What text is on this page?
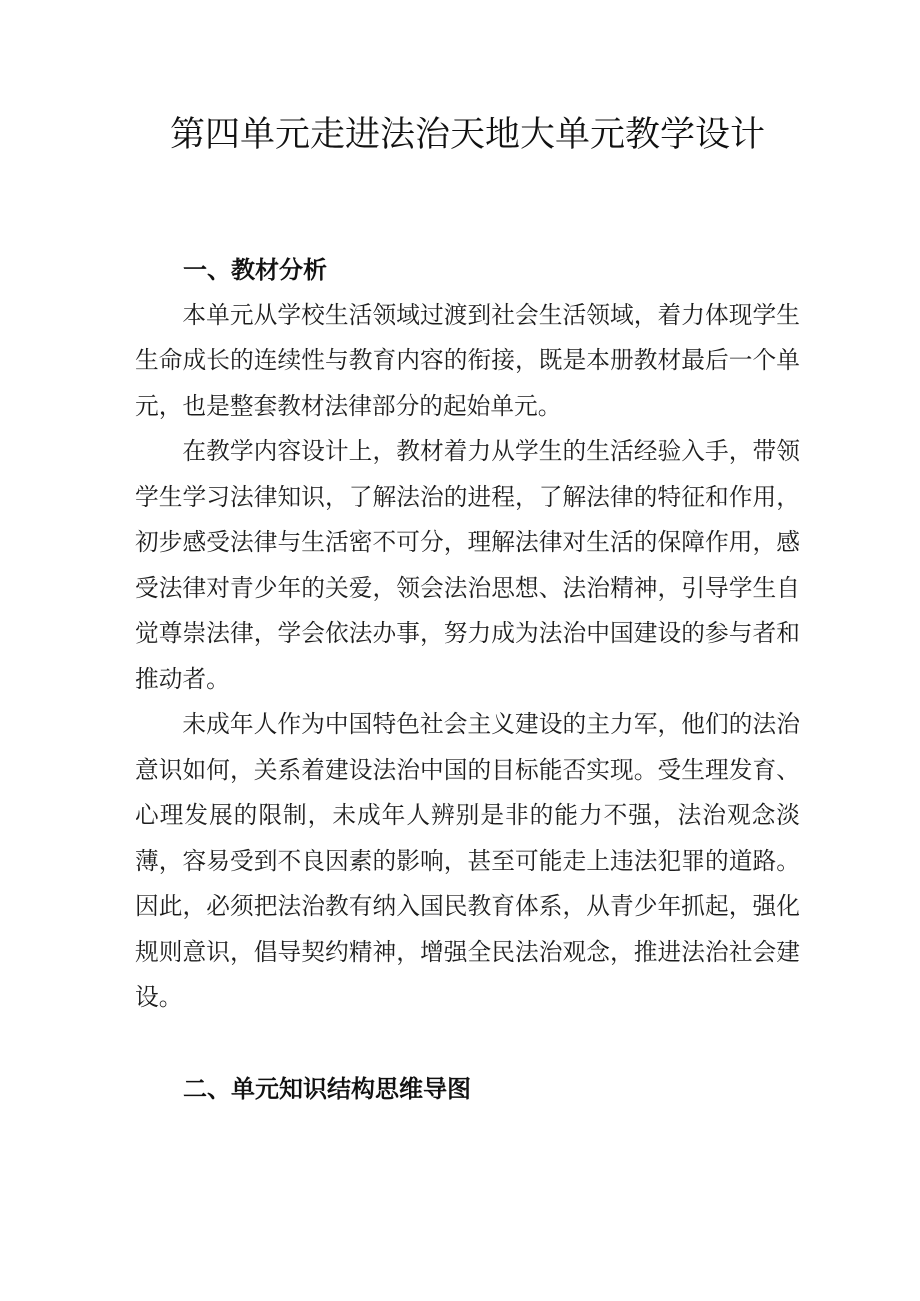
第四单元走进法治天地大单元教学设计
一、教材分析

本单元从学校生活领域过渡到社会生活领域，着力体现学生生命成长的连续性与教育内容的衔接，既是本册教材最后一个单元，也是整套教材法律部分的起始单元。

在教学内容设计上，教材着力从学生的生活经验入手，带领学生学习法律知识，了解法治的进程，了解法律的特征和作用，初步感受法律与生活密不可分，理解法律对生活的保障作用，感受法律对青少年的关爱，领会法治思想、法治精神，引导学生自觉尊崇法律，学会依法办事，努力成为法治中国建设的参与者和推动者。

未成年人作为中国特色社会主义建设的主力军，他们的法治意识如何，关系着建设法治中国的目标能否实现。受生理发育、心理发展的限制，未成年人辨别是非的能力不强，法治观念淡薄，容易受到不良因素的影响，甚至可能走上违法犯罪的道路。因此，必须把法治教有纳入国民教育体系，从青少年抓起，强化规则意识，倡导契约精神，增强全民法治观念，推进法治社会建设。

二、单元知识结构思维导图
